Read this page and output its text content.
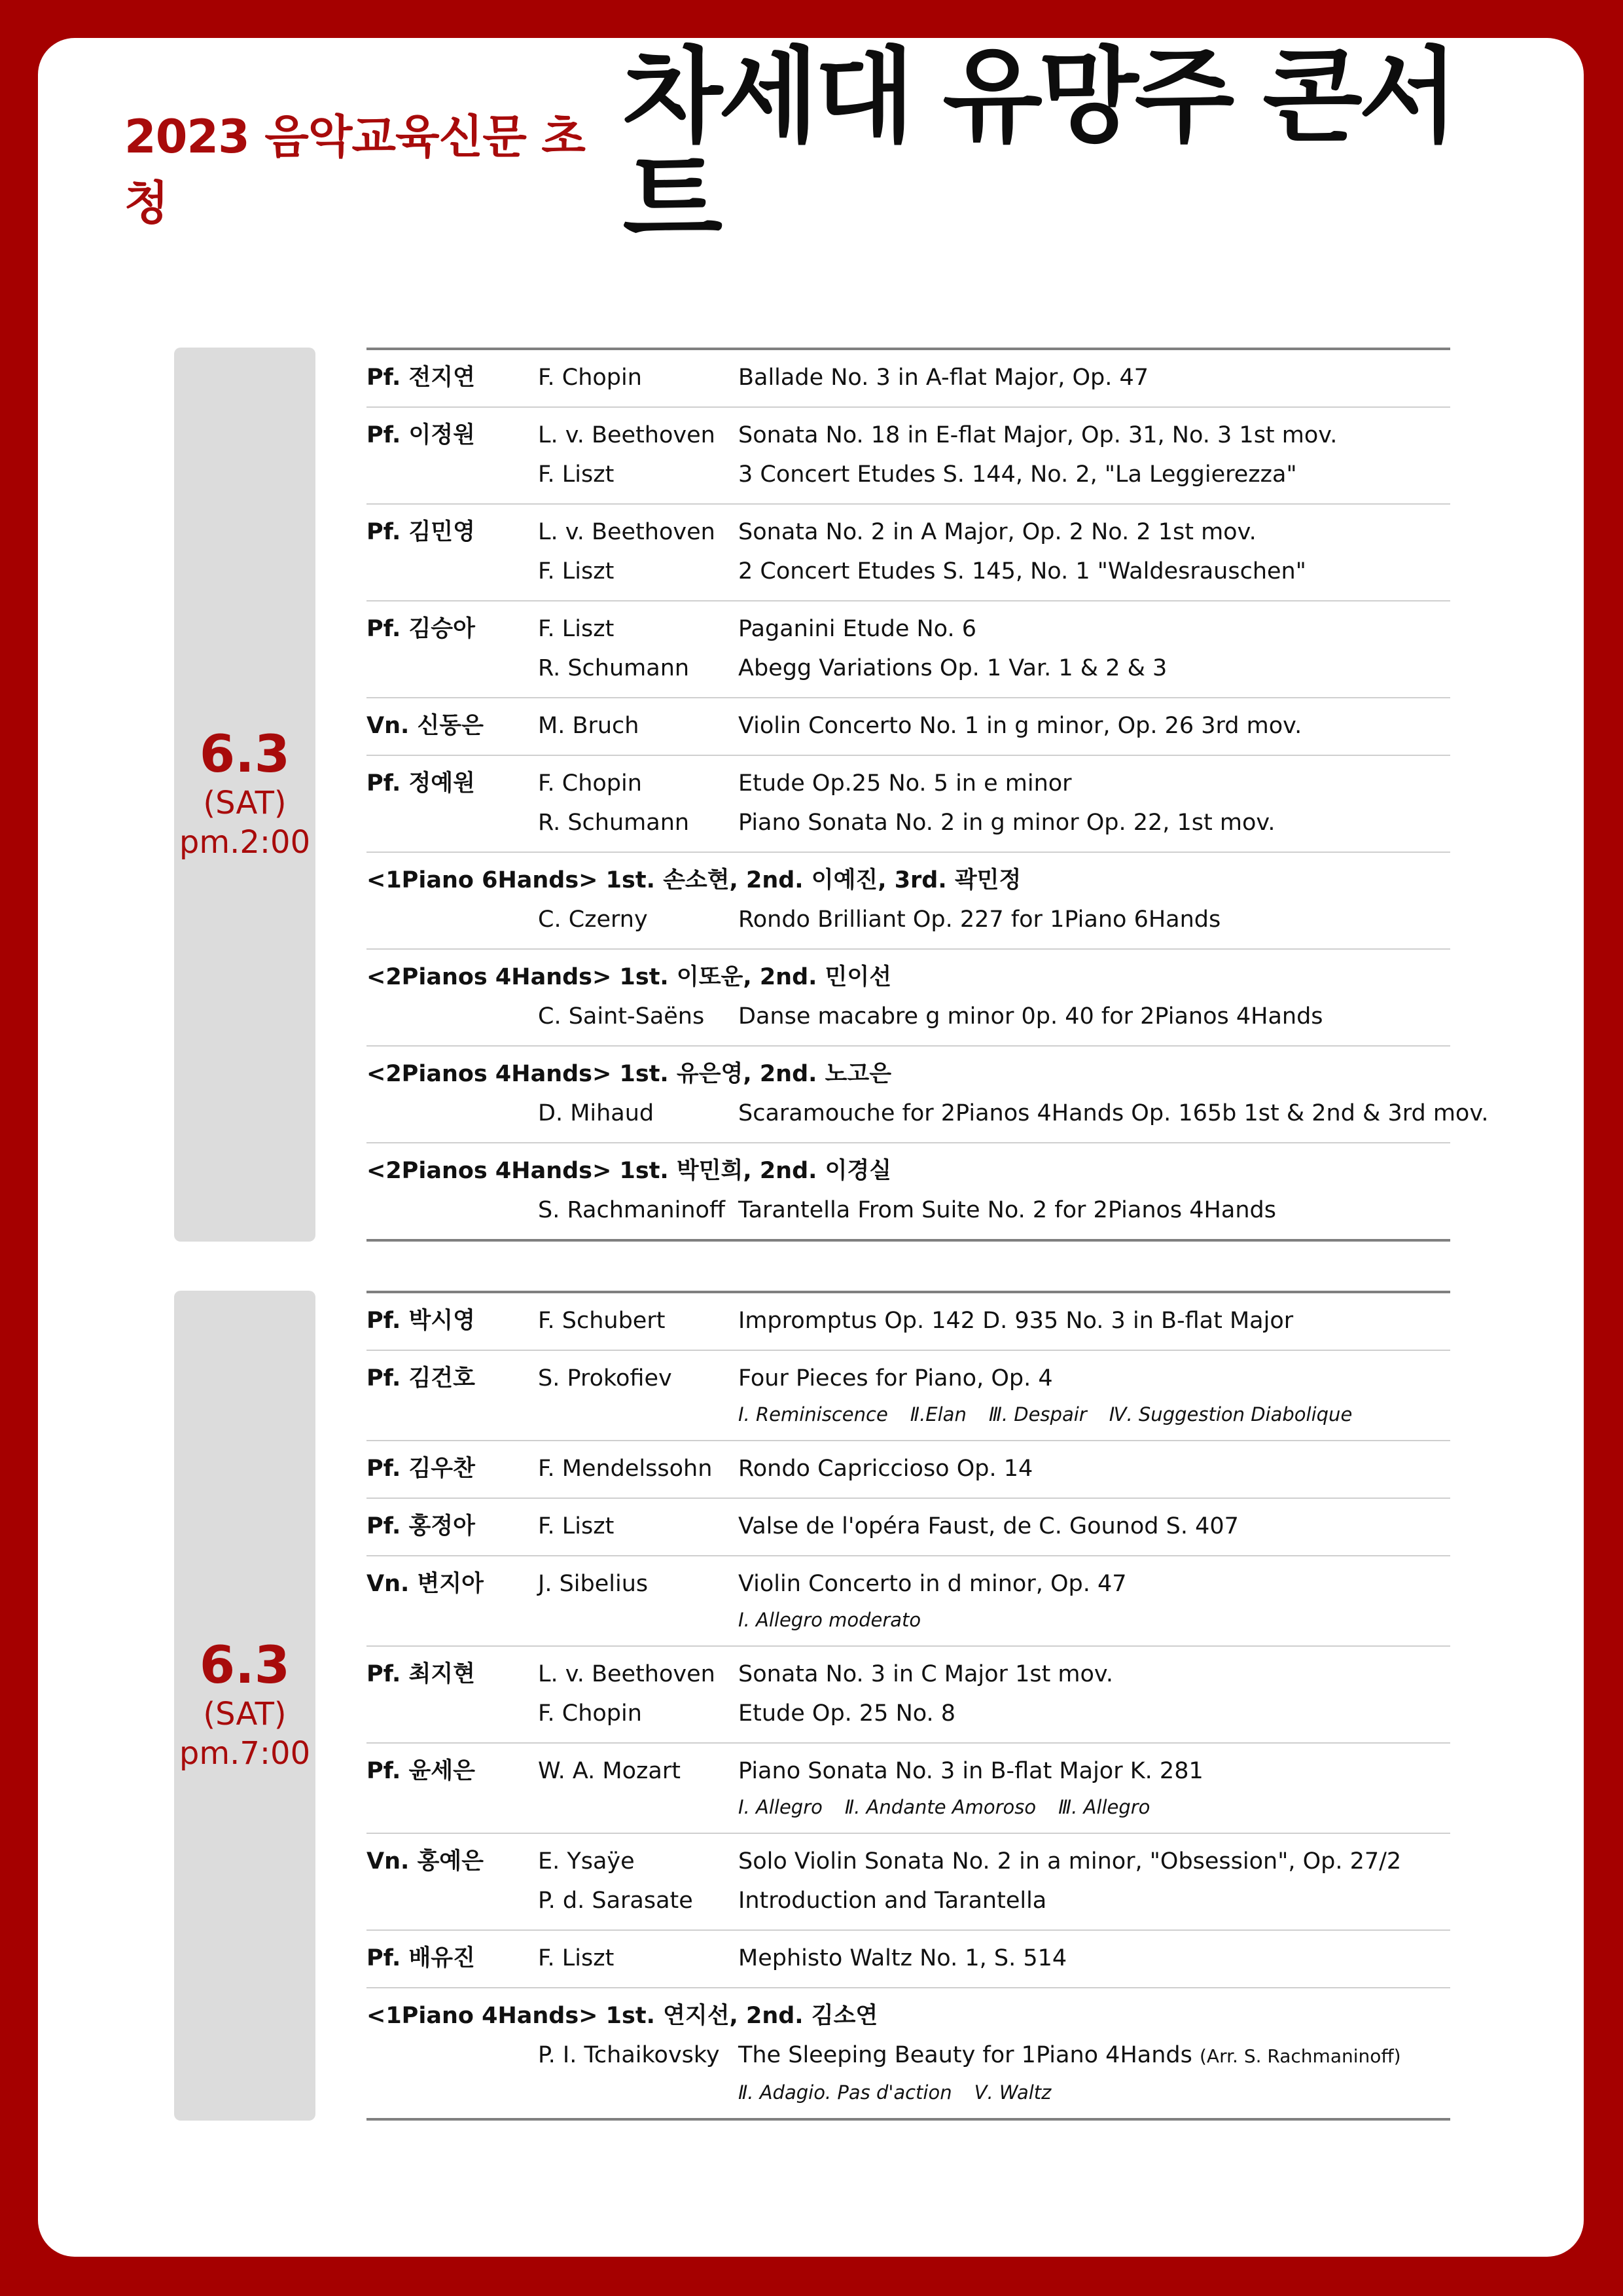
2023 음악교육신문 초청
차세대 유망주 콘서트
6.3
(SAT)
pm.2:00
Pf. 전지연	F. Chopin	Ballade No. 3 in A-flat Major, Op. 47
Pf. 이정원	L. v. Beethoven	Sonata No. 18 in E-flat Major, Op. 31, No. 3 1st mov.
F. Liszt	3 Concert Etudes S. 144, No. 2, "La Leggierezza"
Pf. 김민영	L. v. Beethoven	Sonata No. 2 in A Major, Op. 2 No. 2 1st mov.
F. Liszt	2 Concert Etudes S. 145, No. 1 "Waldesrauschen"
Pf. 김승아	F. Liszt	Paganini Etude No. 6
R. Schumann	Abegg Variations Op. 1 Var. 1 & 2 & 3
Vn. 신동은	M. Bruch	Violin Concerto No. 1 in g minor, Op. 26 3rd mov.
Pf. 정예원	F. Chopin	Etude Op.25 No. 5 in e minor
R. Schumann	Piano Sonata No. 2 in g minor Op. 22, 1st mov.
<1Piano 6Hands> 1st. 손소현, 2nd. 이예진, 3rd. 곽민정
C. Czerny	Rondo Brilliant Op. 227 for 1Piano 6Hands
<2Pianos 4Hands> 1st. 이또운, 2nd. 민이선
C. Saint-Saëns	Danse macabre g minor 0p. 40 for 2Pianos 4Hands
<2Pianos 4Hands> 1st. 유은영, 2nd. 노고은
D. Mihaud	Scaramouche for 2Pianos 4Hands Op. 165b 1st & 2nd & 3rd mov.
<2Pianos 4Hands> 1st. 박민희, 2nd. 이경실
S. Rachmaninoff Tarantella From Suite No. 2 for 2Pianos 4Hands
6.3
(SAT)
pm.7:00
Pf. 박시영	F. Schubert	Impromptus Op. 142 D. 935 No. 3 in B-flat Major
Pf. 김건호	S. Prokofiev	Four Pieces for Piano, Op. 4
Ⅰ. Reminiscence Ⅱ.Elan Ⅲ. Despair Ⅳ. Suggestion Diabolique
Pf. 김우찬	F. Mendelssohn	Rondo Capriccioso Op. 14
Pf. 홍정아	F. Liszt	Valse de l'opéra Faust, de C. Gounod S. 407
Vn. 변지아	J. Sibelius	Violin Concerto in d minor, Op. 47
Ⅰ. Allegro moderato
Pf. 최지현	L. v. Beethoven	Sonata No. 3 in C Major 1st mov.
F. Chopin	Etude Op. 25 No. 8
Pf. 윤세은	W. A. Mozart	Piano Sonata No. 3 in B-flat Major K. 281
Ⅰ. Allegro Ⅱ. Andante Amoroso Ⅲ. Allegro
Vn. 홍예은	E. Ysaÿe	Solo Violin Sonata No. 2 in a minor, "Obsession", Op. 27/2
P. d. Sarasate	Introduction and Tarantella
Pf. 배유진	F. Liszt	Mephisto Waltz No. 1, S. 514
<1Piano 4Hands> 1st. 연지선, 2nd. 김소연
P. I. Tchaikovsky The Sleeping Beauty for 1Piano 4Hands (Arr. S. Rachmaninoff)
Ⅱ. Adagio. Pas d'action Ⅴ. Waltz
